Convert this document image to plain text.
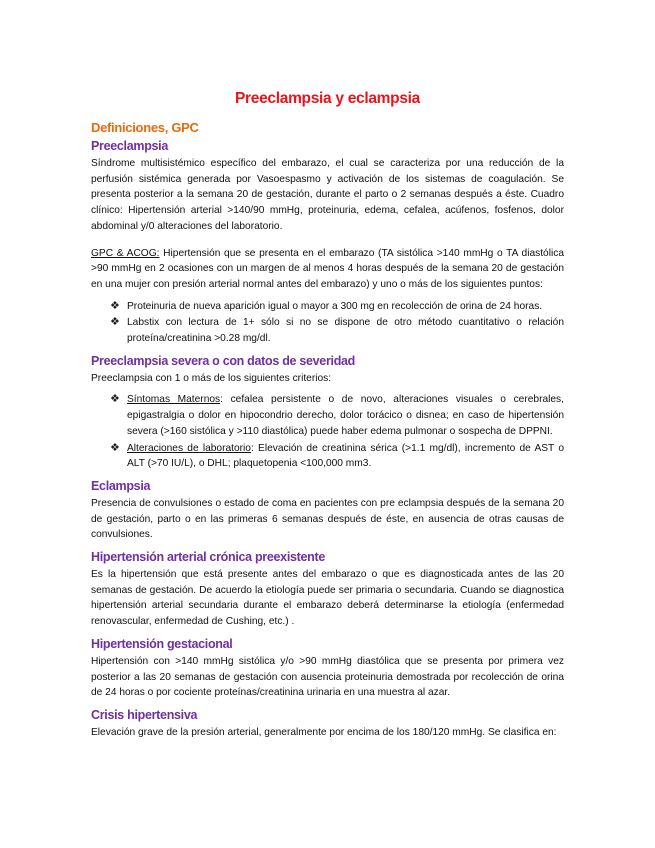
Preeclampsia y eclampsia
Definiciones, GPC
Preeclampsia

Síndrome multisistémico específico del embarazo, el cual se caracteriza por una reducción de la perfusión sistémica generada por Vasoespasmo y activación de los sistemas de coagulación. Se presenta posterior a la semana 20 de gestación, durante el parto o 2 semanas después a éste. Cuadro clínico: Hipertensión arterial >140/90 mmHg, proteinuria, edema, cefalea, acúfenos, fosfenos, dolor abdominal y/0 alteraciones del laboratorio.

GPC & ACOG: Hipertensión que se presenta en el embarazo (TA sistólica >140 mmHg o TA diastólica >90 mmHg en 2 ocasiones con un margen de al menos 4 horas después de la semana 20 de gestación en una mujer con presión arterial normal antes del embarazo) y uno o más de los siguientes puntos:

❖ Proteinuria de nueva aparición igual o mayor a 300 mg en recolección de orina de 24 horas.
❖ Labstix con lectura de 1+ sólo si no se dispone de otro método cuantitativo o relación proteína/creatinina >0.28 mg/dl.
Preeclampsia severa o con datos de severidad

Preeclampsia con 1 o más de los siguientes criterios:

❖ Síntomas Maternos: cefalea persistente o de novo, alteraciones visuales o cerebrales, epigastralgia o dolor en hipocondrio derecho, dolor torácico o disnea; en caso de hipertensión severa (>160 sistólica y >110 diastólica) puede haber edema pulmonar o sospecha de DPPNI.
❖ Alteraciones de laboratorio: Elevación de creatinina sérica (>1.1 mg/dl), incremento de AST o ALT (>70 IU/L), o DHL; plaquetopenia <100,000 mm3.
Eclampsia

Presencia de convulsiones o estado de coma en pacientes con pre eclampsia después de la semana 20 de gestación, parto o en las primeras 6 semanas después de éste, en ausencia de otras causas de convulsiones.

Hipertensión arterial crónica preexistente

Es la hipertensión que está presente antes del embarazo o que es diagnosticada antes de las 20 semanas de gestación. De acuerdo la etiología puede ser primaria o secundaria. Cuando se diagnostica hipertensión arterial secundaria durante el embarazo deberá determinarse la etiología (enfermedad renovascular, enfermedad de Cushing, etc.) .

Hipertensión gestacional

Hipertensión con >140 mmHg sistólica y/o >90 mmHg diastólica que se presenta por primera vez posterior a las 20 semanas de gestación con ausencia proteinuria demostrada por recolección de orina de 24 horas o por cociente proteínas/creatinina urinaria en una muestra al azar.

Crisis hipertensiva

Elevación grave de la presión arterial, generalmente por encima de los 180/120 mmHg. Se clasifica en:
